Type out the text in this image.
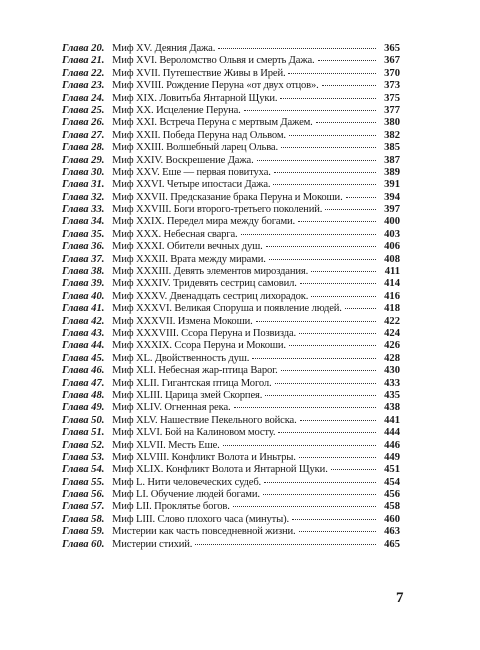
Глава 20. Миф XV. Деяния Дажа.	365
Глава 21. Миф XVI. Вероломство Ольвя и смерть Дажа.	367
Глава 22. Миф XVII. Путешествие Живы в Ирей.	370
Глава 23. Миф XVIII. Рождение Перуна «от двух отцов».	373
Глава 24. Миф XIX. Ловитьба Янтарной Щуки.	375
Глава 25. Миф XX. Исцеление Перуна.	377
Глава 26. Миф XXI. Встреча Перуна с мертвым Дажем.	380
Глава 27. Миф XXII. Победа Перуна над Ольвом.	382
Глава 28. Миф XXIII. Волшебный ларец Ольва.	385
Глава 29. Миф XXIV. Воскрешение Дажа.	387
Глава 30. Миф XXV. Еше — первая повитуха.	389
Глава 31. Миф XXVI. Четыре ипостаси Дажа.	391
Глава 32. Миф XXVII. Предсказание брака Перуна и Мокоши.	394
Глава 33. Миф XXVIII. Боги второго-третьего поколений.	397
Глава 34. Миф XXIX. Передел мира между богами.	400
Глава 35. Миф XXX. Небесная сварга.	403
Глава 36. Миф XXXI. Обители вечных душ.	406
Глава 37. Миф XXXII. Врата между мирами.	408
Глава 38. Миф XXXIII. Девять элементов мироздания.	411
Глава 39. Миф XXXIV. Тридевять сестриц самовил.	414
Глава 40. Миф XXXV. Двенадцать сестриц лихорадок.	416
Глава 41. Миф XXXVI. Великая Споруша и появление людей.	418
Глава 42. Миф XXXVII. Измена Мокоши.	422
Глава 43. Миф XXXVIII. Ссора Перуна и Позвизда.	424
Глава 44. Миф XXXIX. Ссора Перуна и Мокоши.	426
Глава 45. Миф XL. Двойственность душ.	428
Глава 46. Миф XLI. Небесная жар-птица Варог.	430
Глава 47. Миф XLII. Гигантская птица Могол.	433
Глава 48. Миф XLIII. Царица змей Скорпея.	435
Глава 49. Миф XLIV. Огненная река.	438
Глава 50. Миф XLV. Нашествие Пекельного войска.	441
Глава 51. Миф XLVI. Бой на Калиновом мосту.	444
Глава 52. Миф XLVII. Месть Еше.	446
Глава 53. Миф XLVIII. Конфликт Волота и Иньтры.	449
Глава 54. Миф XLIX. Конфликт Волота и Янтарной Щуки.	451
Глава 55. Миф L. Нити человеческих судеб.	454
Глава 56. Миф LI. Обучение людей богами.	456
Глава 57. Миф LII. Проклятье богов.	458
Глава 58. Миф LIII. Слово плохого часа (минуты).	460
Глава 59. Мистерии как часть повседневной жизни.	463
Глава 60. Мистерии стихий.	465
7
